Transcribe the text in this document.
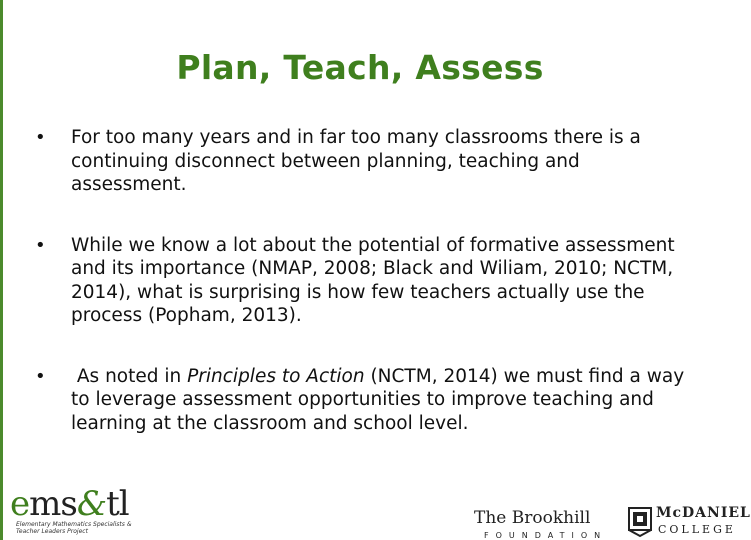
Plan, Teach, Assess
• For too many years and in far too many classrooms there is a continuing disconnect between planning, teaching and assessment.
• While we know a lot about the potential of formative assessment and its importance (NMAP, 2008; Black and Wiliam, 2010; NCTM, 2014), what is surprising is how few teachers actually use the process (Popham, 2013).
• As noted in Principles to Action (NCTM, 2014) we must find a way to leverage assessment opportunities to improve teaching and learning at the classroom and school level.
ems&tl
Elementary Mathematics Specialists & Teacher Leaders Project
The Brookhill
FOUNDATION
McDANIEL
COLLEGE
